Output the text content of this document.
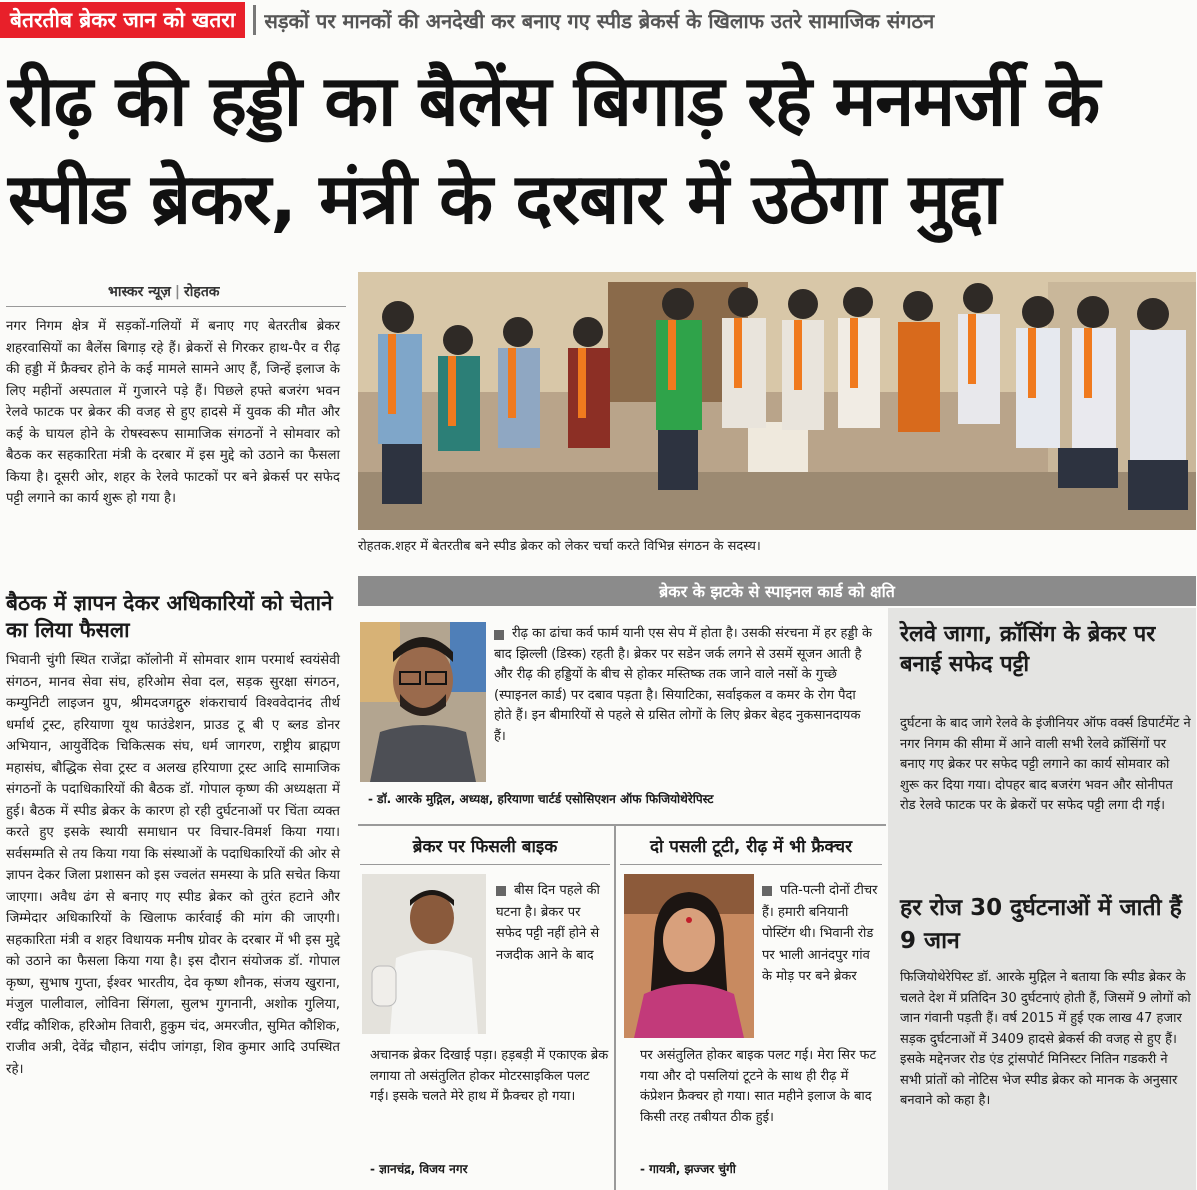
बेतरतीब ब्रेकर जान को खतरा	सड़कों पर मानकों की अनदेखी कर बनाए गए स्पीड ब्रेकर्स के खिलाफ उतरे सामाजिक संगठन
रीढ़ की हड्डी का बैलेंस बिगाड़ रहे मनमर्जी के
स्पीड ब्रेकर, मंत्री के दरबार में उठेगा मुद्दा
भास्कर न्यूज़ | रोहतक

नगर निगम क्षेत्र में सड़कों-गलियों में बनाए गए बेतरतीब ब्रेकर शहरवासियों का बैलेंस बिगाड़ रहे हैं। ब्रेकरों से गिरकर हाथ-पैर व रीढ़ की हड्डी में फ्रैक्चर होने के कई मामले सामने आए हैं, जिन्हें इलाज के लिए महीनों अस्पताल में गुजारने पड़े हैं। पिछले हफ्ते बजरंग भवन रेलवे फाटक पर ब्रेकर की वजह से हुए हादसे में युवक की मौत और कई के घायल होने के रोषस्वरूप सामाजिक संगठनों ने सोमवार को बैठक कर सहकारिता मंत्री के दरबार में इस मुद्दे को उठाने का फैसला किया है। दूसरी ओर, शहर के रेलवे फाटकों पर बने ब्रेकर्स पर सफेद पट्टी लगाने का कार्य शुरू हो गया है।

बैठक में ज्ञापन देकर अधिकारियों को चेताने का लिया फैसला

भिवानी चुंगी स्थित राजेंद्रा कॉलोनी में सोमवार शाम परमार्थ स्वयंसेवी संगठन, मानव सेवा संघ, हरिओम सेवा दल, सड़क सुरक्षा संगठन, कम्युनिटी लाइजन ग्रुप, श्रीमदजगद्गुरु शंकराचार्य विश्ववेदानंद तीर्थ धर्मार्थ ट्रस्ट, हरियाणा यूथ फाउंडेशन, प्राउड टू बी ए ब्लड डोनर अभियान, आयुर्वेदिक चिकित्सक संघ, धर्म जागरण, राष्ट्रीय ब्राह्मण महासंघ, बौद्धिक सेवा ट्रस्ट व अलख हरियाणा ट्रस्ट आदि सामाजिक संगठनों के पदाधिकारियों की बैठक डॉ. गोपाल कृष्ण की अध्यक्षता में हुई। बैठक में स्पीड ब्रेकर के कारण हो रही दुर्घटनाओं पर चिंता व्यक्त करते हुए इसके स्थायी समाधान पर विचार-विमर्श किया गया। सर्वसम्मति से तय किया गया कि संस्थाओं के पदाधिकारियों की ओर से ज्ञापन देकर जिला प्रशासन को इस ज्वलंत समस्या के प्रति सचेत किया जाएगा। अवैध ढंग से बनाए गए स्पीड ब्रेकर को तुरंत हटाने और जिम्मेदार अधिकारियों के खिलाफ कार्रवाई की मांग की जाएगी। सहकारिता मंत्री व शहर विधायक मनीष ग्रोवर के दरबार में भी इस मुद्दे को उठाने का फैसला किया गया है। इस दौरान संयोजक डॉ. गोपाल कृष्ण, सुभाष गुप्ता, ईश्वर भारतीय, देव कृष्ण शौनक, संजय खुराना, मंजुल पालीवाल, लोविना सिंगला, सुलभ गुगनानी, अशोक गुलिया, रवींद्र कौशिक, हरिओम तिवारी, हुकुम चंद, अमरजीत, सुमित कौशिक, राजीव अत्री, देवेंद्र चौहान, संदीप जांगड़ा, शिव कुमार आदि उपस्थित रहे।

रोहतक.शहर में बेतरतीब बने स्पीड ब्रेकर को लेकर चर्चा करते विभिन्न संगठन के सदस्य।
ब्रेकर के झटके से स्पाइनल कार्ड को क्षति

रीढ़ का ढांचा कर्व फार्म यानी एस सेप में होता है। उसकी संरचना में हर हड्डी के बाद झिल्ली (डिस्क) रहती है। ब्रेकर पर सडेन जर्क लगने से उसमें सूजन आती है और रीढ़ की हड्डियों के बीच से होकर मस्तिष्क तक जाने वाले नसों के गुच्छे (स्पाइनल कार्ड) पर दबाव पड़ता है। सियाटिका, सर्वाइकल व कमर के रोग पैदा होते हैं। इन बीमारियों से पहले से ग्रसित लोगों के लिए ब्रेकर बेहद नुकसानदायक हैं।

- डॉ. आरके मुद्गिल, अध्यक्ष, हरियाणा चार्टर्ड एसोसिएशन ऑफ फिजियोथेरेपिस्ट
रेलवे जागा, क्रॉसिंग के ब्रेकर पर बनाई सफेद पट्टी

दुर्घटना के बाद जागे रेलवे के इंजीनियर ऑफ वर्क्स डिपार्टमेंट ने नगर निगम की सीमा में आने वाली सभी रेलवे क्रॉसिंगों पर बनाए गए ब्रेकर पर सफेद पट्टी लगाने का कार्य सोमवार को शुरू कर दिया गया। दोपहर बाद बजरंग भवन और सोनीपत रोड रेलवे फाटक पर के ब्रेकरों पर सफेद पट्टी लगा दी गई।

हर रोज 30 दुर्घटनाओं में जाती हैं 9 जान

फिजियोथेरेपिस्ट डॉ. आरके मुद्गिल ने बताया कि स्पीड ब्रेकर के चलते देश में प्रतिदिन 30 दुर्घटनाएं होती हैं, जिसमें 9 लोगों को जान गंवानी पड़ती हैं। वर्ष 2015 में हुई एक लाख 47 हजार सड़क दुर्घटनाओं में 3409 हादसे ब्रेकर्स की वजह से हुए हैं। इसके मद्देनजर रोड एंड ट्रांसपोर्ट मिनिस्टर नितिन गडकरी ने सभी प्रांतों को नोटिस भेज स्पीड ब्रेकर को मानक के अनुसार बनवाने को कहा है।

ब्रेकर पर फिसली बाइक

बीस दिन पहले की घटना है। ब्रेकर पर सफेद पट्टी नहीं होने से नजदीक आने के बाद

अचानक ब्रेकर दिखाई पड़ा। हड़बड़ी में एकाएक ब्रेक लगाया तो असंतुलित होकर मोटरसाइकिल पलट गई। इसके चलते मेरे हाथ में फ्रैक्चर हो गया।

- ज्ञानचंद्र, विजय नगर
दो पसली टूटी, रीढ़ में भी फ्रैक्चर

पति-पत्नी दोनों टीचर हैं। हमारी बनियानी पोस्टिंग थी। भिवानी रोड पर भाली आनंदपुर गांव के मोड़ पर बने ब्रेकर

पर असंतुलित होकर बाइक पलट गई। मेरा सिर फट गया और दो पसलियां टूटने के साथ ही रीढ़ में कंप्रेशन फ्रैक्चर हो गया। सात महीने इलाज के बाद किसी तरह तबीयत ठीक हुई।

- गायत्री, झज्जर चुंगी
